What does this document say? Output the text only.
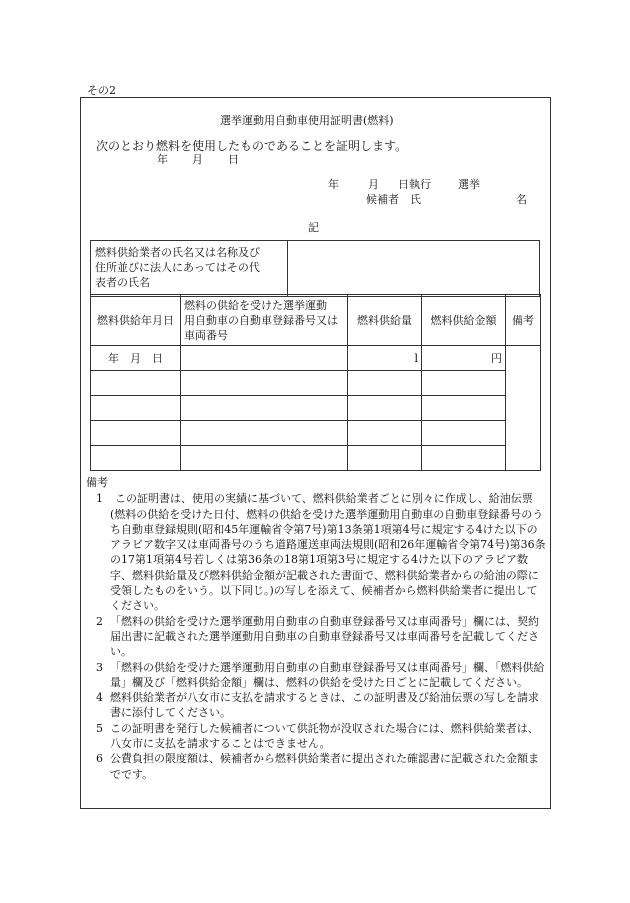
その2
選挙運動用自動車使用証明書(燃料)
次のとおり燃料を使用したものであることを証明します。
年 月 日
年	月 日執行 選挙
候補者 氏	名
記
燃料供給業者の氏名又は名称及び
住所並びに法人にあってはその代
表者の氏名

燃料供給年月日	燃料の供給を受けた選挙運動
用自動車の自動車登録番号又は
車両番号	燃料供給量	燃料供給金額	備考
年　月　日		l	円	

備考

1	この証明書は、使用の実績に基づいて、燃料供給業者ごとに別々に作成し、給油伝票(燃料の供給を受けた日付、燃料の供給を受けた選挙運動用自動車の自動車登録番号のうち自動車登録規則(昭和45年運輸省令第7号)第13条第1項第4号に規定する4けた以下のアラビア数字又は車両番号のうち道路運送車両法規則(昭和26年運輸省令第74号)第36条の17第1項第4号若しくは第36条の18第1項第3号に規定する4けた以下のアラビア数字、燃料供給量及び燃料供給金額が記載された書面で、燃料供給業者からの給油の際に受領したものをいう。以下同じ。)の写しを添えて、候補者から燃料供給業者に提出してください。

2 「燃料の供給を受けた選挙運動用自動車の自動車登録番号又は車両番号」欄には、契約届出書に記載された選挙運動用自動車の自動車登録番号又は車両番号を記載してください。

3 「燃料の供給を受けた選挙運動用自動車の自動車登録番号又は車両番号」欄、「燃料供給量」欄及び「燃料供給金額」欄は、燃料の供給を受けた日ごとに記載してください。

4 燃料供給業者が八女市に支払を請求するときは、この証明書及び給油伝票の写しを請求書に添付してください。

5 この証明書を発行した候補者について供託物が没収された場合には、燃料供給業者は、八女市に支払を請求することはできません。

6 公費負担の限度額は、候補者から燃料供給業者に提出された確認書に記載された金額までです。
